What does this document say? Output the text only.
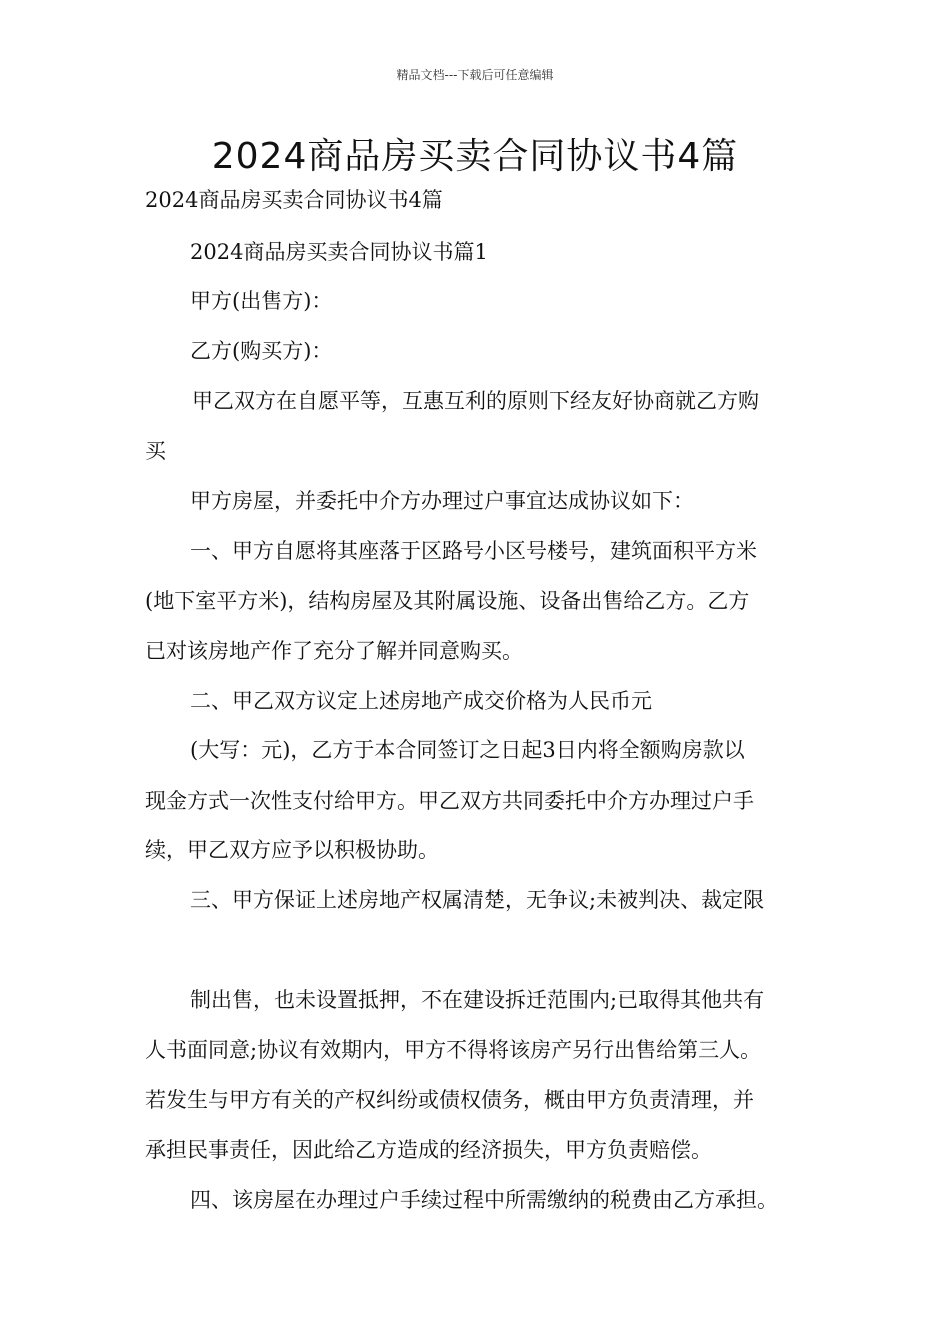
精品文档---下载后可任意编辑
2024商品房买卖合同协议书4篇
2024商品房买卖合同协议书4篇
2024商品房买卖合同协议书篇1
甲方(出售方)：
乙方(购买方)：
甲乙双方在自愿平等，互惠互利的原则下经友好协商就乙方购
买
甲方房屋，并委托中介方办理过户事宜达成协议如下：
一、甲方自愿将其座落于区路号小区号楼号，建筑面积平方米
(地下室平方米)，结构房屋及其附属设施、设备出售给乙方。乙方
已对该房地产作了充分了解并同意购买。
二、甲乙双方议定上述房地产成交价格为人民币元
(大写：元)，乙方于本合同签订之日起3日内将全额购房款以
现金方式一次性支付给甲方。甲乙双方共同委托中介方办理过户手
续，甲乙双方应予以积极协助。
三、甲方保证上述房地产权属清楚，无争议;未被判决、裁定限
制出售，也未设置抵押，不在建设拆迁范围内;已取得其他共有
人书面同意;协议有效期内，甲方不得将该房产另行出售给第三人。
若发生与甲方有关的产权纠纷或债权债务，概由甲方负责清理，并
承担民事责任，因此给乙方造成的经济损失，甲方负责赔偿。
四、该房屋在办理过户手续过程中所需缴纳的税费由乙方承担。
